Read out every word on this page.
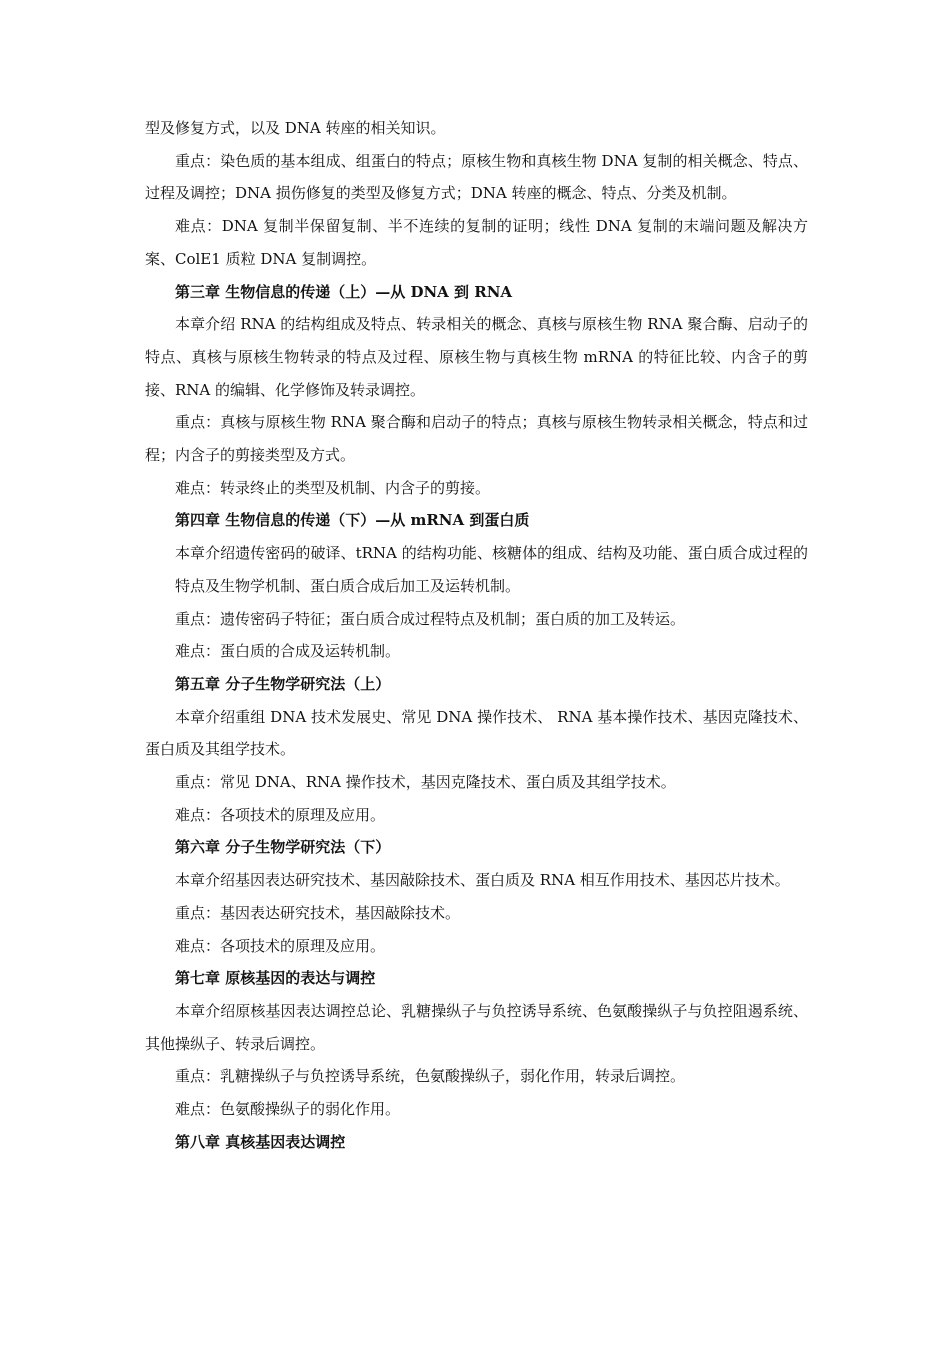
型及修复方式，以及 DNA 转座的相关知识。

重点：染色质的基本组成、组蛋白的特点；原核生物和真核生物 DNA 复制的相关概念、特点、过程及调控；DNA 损伤修复的类型及修复方式；DNA 转座的概念、特点、分类及机制。

难点：DNA 复制半保留复制、半不连续的复制的证明；线性 DNA 复制的末端问题及解决方案、ColE1 质粒 DNA 复制调控。

第三章 生物信息的传递（上）—从 DNA 到 RNA

本章介绍 RNA 的结构组成及特点、转录相关的概念、真核与原核生物 RNA 聚合酶、启动子的特点、真核与原核生物转录的特点及过程、原核生物与真核生物 mRNA 的特征比较、内含子的剪接、RNA 的编辑、化学修饰及转录调控。

重点：真核与原核生物 RNA 聚合酶和启动子的特点；真核与原核生物转录相关概念，特点和过程；内含子的剪接类型及方式。

难点：转录终止的类型及机制、内含子的剪接。

第四章 生物信息的传递（下）—从 mRNA 到蛋白质

本章介绍遗传密码的破译、tRNA 的结构功能、核糖体的组成、结构及功能、蛋白质合成过程的特点及生物学机制、蛋白质合成后加工及运转机制。

重点：遗传密码子特征；蛋白质合成过程特点及机制；蛋白质的加工及转运。

难点：蛋白质的合成及运转机制。

第五章 分子生物学研究法（上）

本章介绍重组 DNA 技术发展史、常见 DNA 操作技术、 RNA 基本操作技术、基因克隆技术、蛋白质及其组学技术。

重点：常见 DNA、RNA 操作技术，基因克隆技术、蛋白质及其组学技术。

难点：各项技术的原理及应用。

第六章 分子生物学研究法（下）

本章介绍基因表达研究技术、基因敲除技术、蛋白质及 RNA 相互作用技术、基因芯片技术。

重点：基因表达研究技术，基因敲除技术。

难点：各项技术的原理及应用。

第七章 原核基因的表达与调控

本章介绍原核基因表达调控总论、乳糖操纵子与负控诱导系统、色氨酸操纵子与负控阻遏系统、其他操纵子、转录后调控。

重点：乳糖操纵子与负控诱导系统，色氨酸操纵子，弱化作用，转录后调控。

难点：色氨酸操纵子的弱化作用。

第八章 真核基因表达调控
